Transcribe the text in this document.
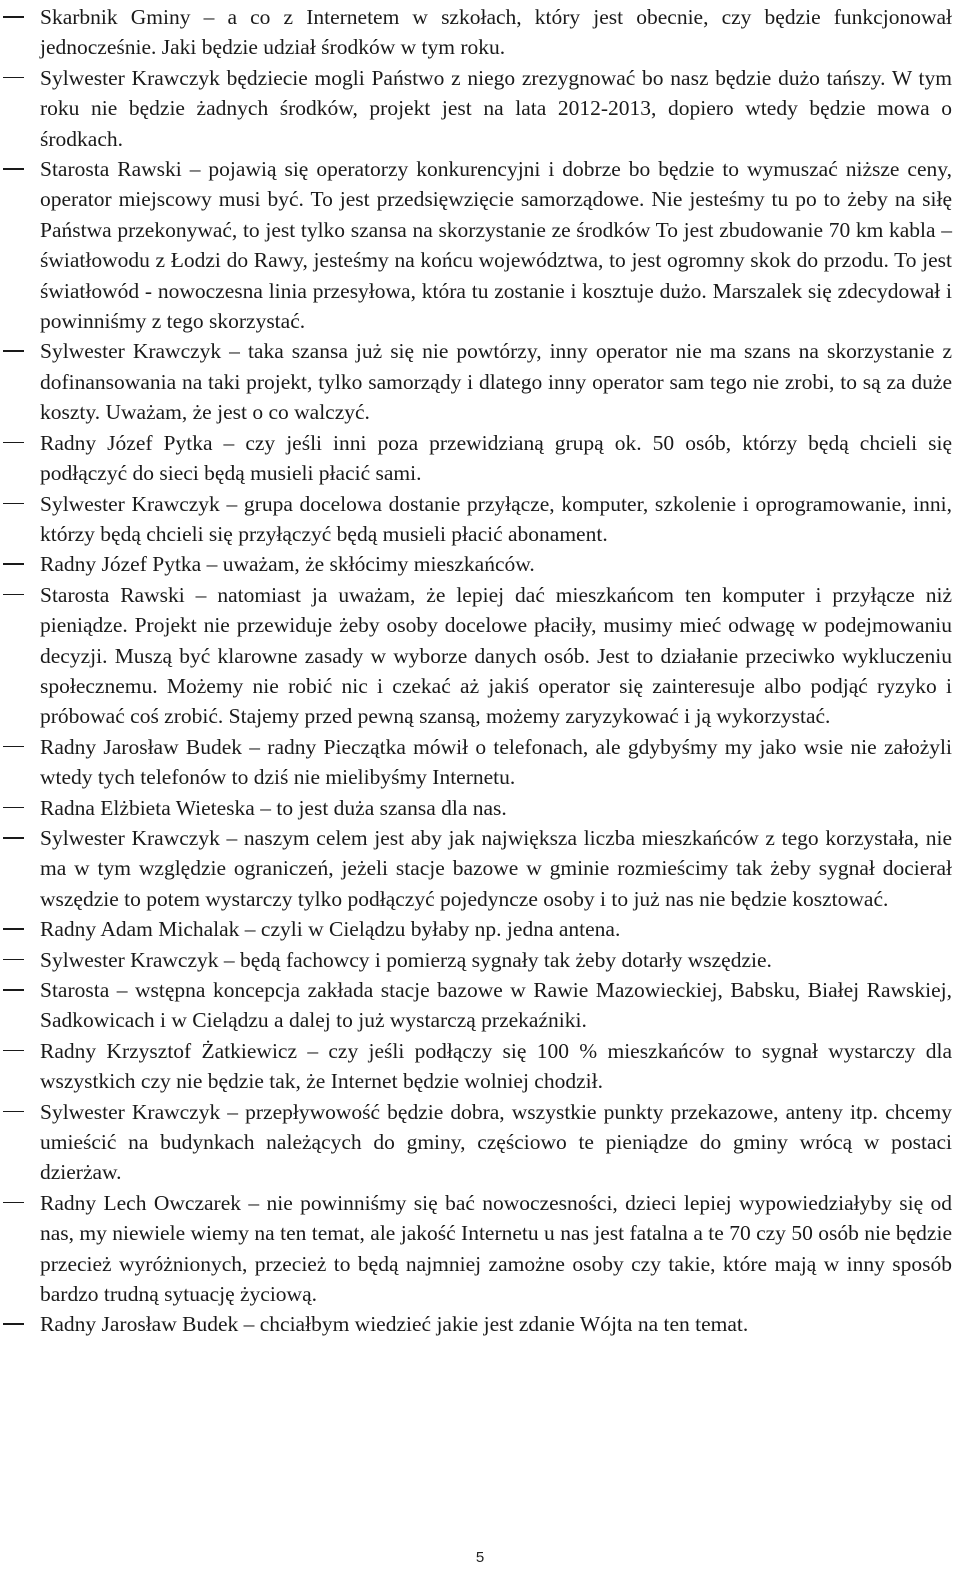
Skarbnik Gminy – a co z Internetem w szkołach, który jest obecnie, czy będzie funkcjonował jednocześnie. Jaki będzie udział środków w tym roku.

Sylwester Krawczyk będziecie mogli Państwo z niego zrezygnować bo nasz będzie dużo tańszy. W tym roku nie będzie żadnych środków, projekt jest na lata 2012-2013, dopiero wtedy będzie mowa o środkach.

Starosta Rawski – pojawią się operatorzy konkurencyjni i dobrze bo będzie to wymuszać niższe ceny, operator miejscowy musi być. To jest przedsięwzięcie samorządowe. Nie jesteśmy tu po to żeby na siłę Państwa przekonywać, to jest tylko szansa na skorzystanie ze środków To jest zbudowanie 70 km kabla – światłowodu z Łodzi do Rawy, jesteśmy na końcu województwa, to jest ogromny skok do przodu. To jest światłowód - nowoczesna linia przesyłowa, która tu zostanie i kosztuje dużo. Marszalek się zdecydował i powinniśmy z tego skorzystać.

Sylwester Krawczyk – taka szansa już się nie powtórzy, inny operator nie ma szans na skorzystanie z dofinansowania na taki projekt, tylko samorządy i dlatego inny operator sam tego nie zrobi, to są za duże koszty. Uważam, że jest o co walczyć.

Radny Józef Pytka – czy jeśli inni poza przewidzianą grupą ok. 50 osób, którzy będą chcieli się podłączyć do sieci będą musieli płacić sami.

Sylwester Krawczyk – grupa docelowa dostanie przyłącze, komputer, szkolenie i oprogramowanie, inni, którzy będą chcieli się przyłączyć będą musieli płacić abonament.

Radny Józef Pytka – uważam, że skłócimy mieszkańców.

Starosta Rawski – natomiast ja uważam, że lepiej dać mieszkańcom ten komputer i przyłącze niż pieniądze. Projekt nie przewiduje żeby osoby docelowe płaciły, musimy mieć odwagę w podejmowaniu decyzji. Muszą być klarowne zasady w wyborze danych osób. Jest to działanie przeciwko wykluczeniu społecznemu. Możemy nie robić nic i czekać aż jakiś operator się zainteresuje albo podjąć ryzyko i próbować coś zrobić. Stajemy przed pewną szansą, możemy zaryzykować i ją wykorzystać.

Radny Jarosław Budek – radny Pieczątka mówił o telefonach, ale gdybyśmy my jako wsie nie założyli wtedy tych telefonów to dziś nie mielibyśmy Internetu.

Radna Elżbieta Wieteska – to jest duża szansa dla nas.

Sylwester Krawczyk – naszym celem jest aby jak największa liczba mieszkańców z tego korzystała, nie ma w tym względzie ograniczeń, jeżeli stacje bazowe w gminie rozmieścimy tak żeby sygnał docierał wszędzie to potem wystarczy tylko podłączyć pojedyncze osoby i to już nas nie będzie kosztować.

Radny Adam Michalak – czyli w Cielądzu byłaby np. jedna antena.

Sylwester Krawczyk – będą fachowcy i pomierzą sygnały tak żeby dotarły wszędzie.

Starosta – wstępna koncepcja zakłada stacje bazowe w Rawie Mazowieckiej, Babsku, Białej Rawskiej, Sadkowicach i w Cielądzu a dalej to już wystarczą przekaźniki.

Radny Krzysztof Żatkiewicz – czy jeśli podłączy się 100 % mieszkańców to sygnał wystarczy dla wszystkich czy nie będzie tak, że Internet będzie wolniej chodził.

Sylwester Krawczyk – przepływowość będzie dobra, wszystkie punkty przekazowe, anteny itp. chcemy umieścić na budynkach należących do gminy, częściowo te pieniądze do gminy wrócą w postaci dzierżaw.

Radny Lech Owczarek – nie powinniśmy się bać nowoczesności, dzieci lepiej wypowiedziałyby się od nas, my niewiele wiemy na ten temat, ale jakość Internetu u nas jest fatalna a te 70 czy 50 osób nie będzie przecież wyróżnionych, przecież to będą najmniej zamożne osoby czy takie, które mają w inny sposób bardzo trudną sytuację życiową.

Radny Jarosław Budek – chciałbym wiedzieć jakie jest zdanie Wójta na ten temat.

5
